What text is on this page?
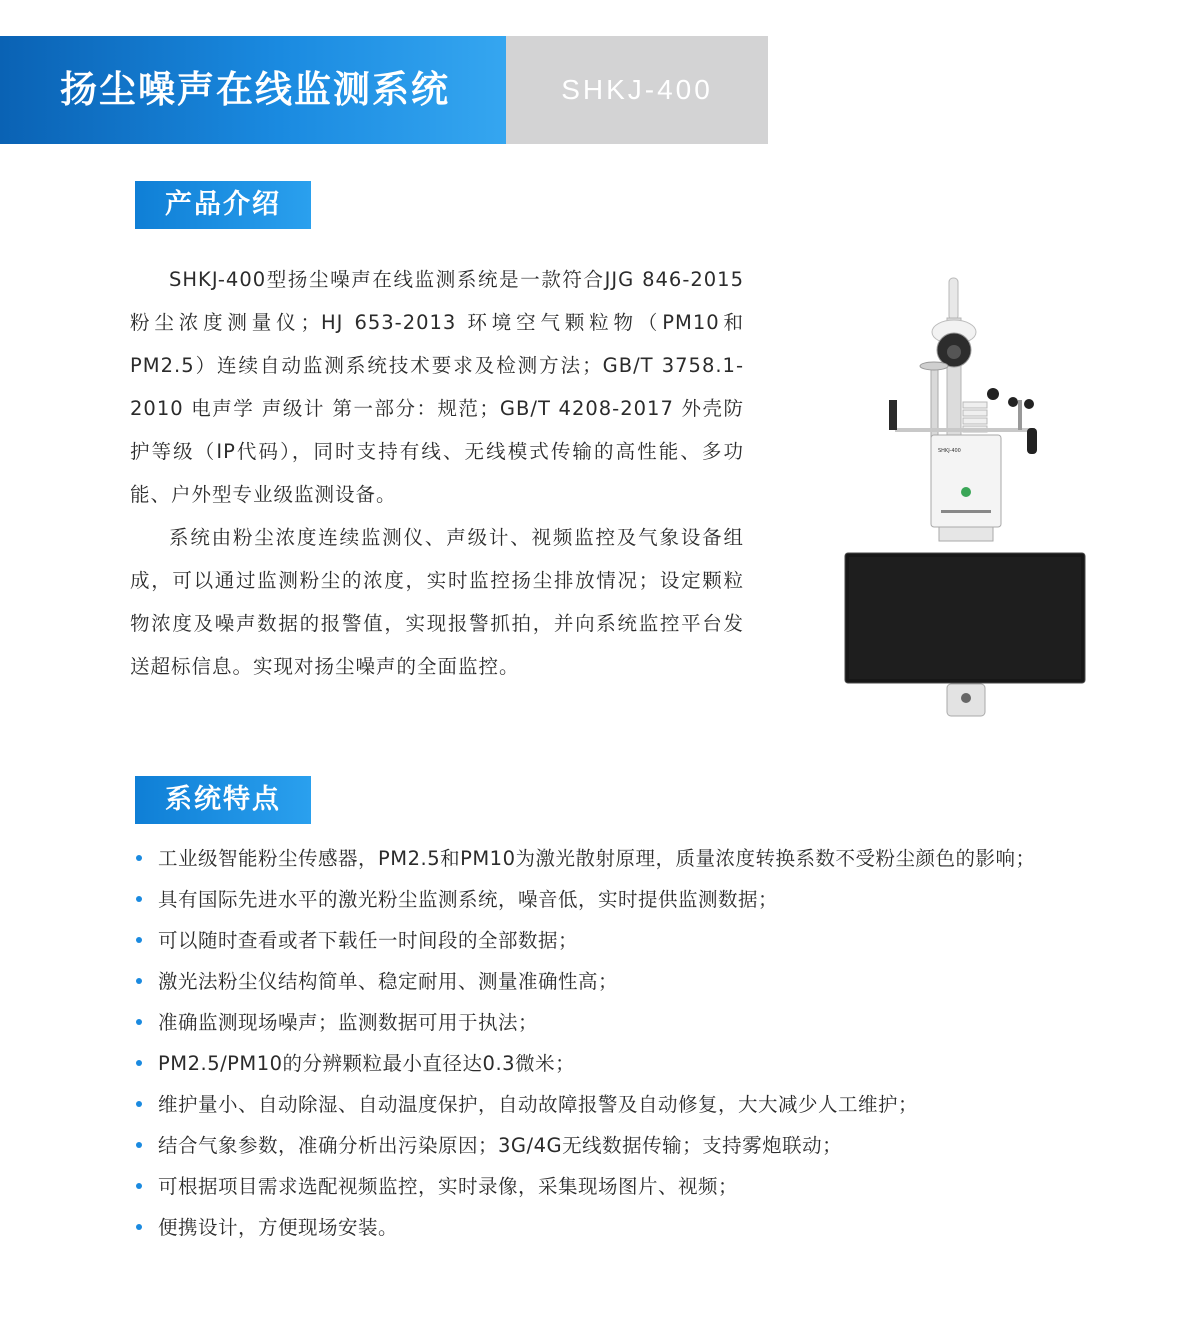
扬尘噪声在线监测系统	SHKJ-400
产品介绍

SHKJ-400型扬尘噪声在线监测系统是一款符合JJG 846-2015 粉尘浓度测量仪；HJ 653-2013 环境空气颗粒物（PM10和PM2.5）连续自动监测系统技术要求及检测方法；GB/T 3758.1-2010 电声学 声级计 第一部分：规范；GB/T 4208-2017 外壳防护等级（IP代码），同时支持有线、无线模式传输的高性能、多功能、户外型专业级监测设备。

系统由粉尘浓度连续监测仪、声级计、视频监控及气象设备组成，可以通过监测粉尘的浓度，实时监控扬尘排放情况；设定颗粒物浓度及噪声数据的报警值，实现报警抓拍，并向系统监控平台发送超标信息。实现对扬尘噪声的全面监控。

SHKJ-400
系统特点
工业级智能粉尘传感器，PM2.5和PM10为激光散射原理，质量浓度转换系数不受粉尘颜色的影响；
具有国际先进水平的激光粉尘监测系统，噪音低，实时提供监测数据；
可以随时查看或者下载任一时间段的全部数据；
激光法粉尘仪结构简单、稳定耐用、测量准确性高；
准确监测现场噪声；监测数据可用于执法；
PM2.5/PM10的分辨颗粒最小直径达0.3微米；
维护量小、自动除湿、自动温度保护，自动故障报警及自动修复，大大减少人工维护；
结合气象参数，准确分析出污染原因；3G/4G无线数据传输；支持雾炮联动；
可根据项目需求选配视频监控，实时录像，采集现场图片、视频；
便携设计，方便现场安装。
